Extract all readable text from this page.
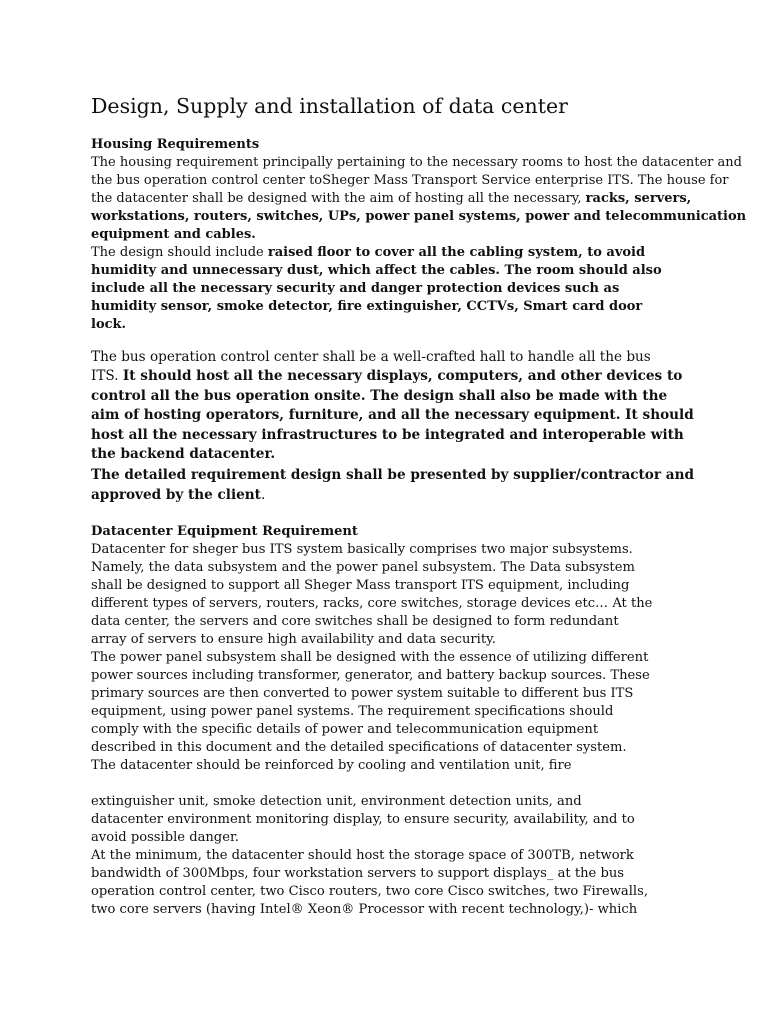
Design, Supply and installation of data center
Housing Requirements
The housing requirement principally pertaining to the necessary rooms to host the datacenter and
the bus operation control center toSheger Mass Transport Service enterprise ITS. The house for
the datacenter shall be designed with the aim of hosting all the necessary, racks, servers,
workstations, routers, switches, UPs, power panel systems, power and telecommunication
equipment and cables.
The design should include raised floor to cover all the cabling system, to avoid
humidity and unnecessary dust, which affect the cables. The room should also
include all the necessary security and danger protection devices such as
humidity sensor, smoke detector, fire extinguisher, CCTVs, Smart card door
lock.
The bus operation control center shall be a well-crafted hall to handle all the bus
ITS. It should host all the necessary displays, computers, and other devices to
control all the bus operation onsite. The design shall also be made with the
aim of hosting operators, furniture, and all the necessary equipment. It should
host all the necessary infrastructures to be integrated and interoperable with
the backend datacenter.
The detailed requirement design shall be presented by supplier/contractor and
approved by the client.
Datacenter Equipment Requirement
Datacenter for sheger bus ITS system basically comprises two major subsystems.
Namely, the data subsystem and the power panel subsystem. The Data subsystem
shall be designed to support all Sheger Mass transport ITS equipment, including
different types of servers, routers, racks, core switches, storage devices etc… At the
data center, the servers and core switches shall be designed to form redundant
array of servers to ensure high availability and data security.
The power panel subsystem shall be designed with the essence of utilizing different
power sources including transformer, generator, and battery backup sources. These
primary sources are then converted to power system suitable to different bus ITS
equipment, using power panel systems. The requirement specifications should
comply with the specific details of power and telecommunication equipment
described in this document and the detailed specifications of datacenter system.
The datacenter should be reinforced by cooling and ventilation unit, fire
extinguisher unit, smoke detection unit, environment detection units, and
datacenter environment monitoring display, to ensure security, availability, and to
avoid possible danger.
At the minimum, the datacenter should host the storage space of 300TB, network
bandwidth of 300Mbps, four workstation servers to support displays_ at the bus
operation control center, two Cisco routers, two core Cisco switches, two Firewalls,
two core servers (having Intel® Xeon® Processor with recent technology,)- which
